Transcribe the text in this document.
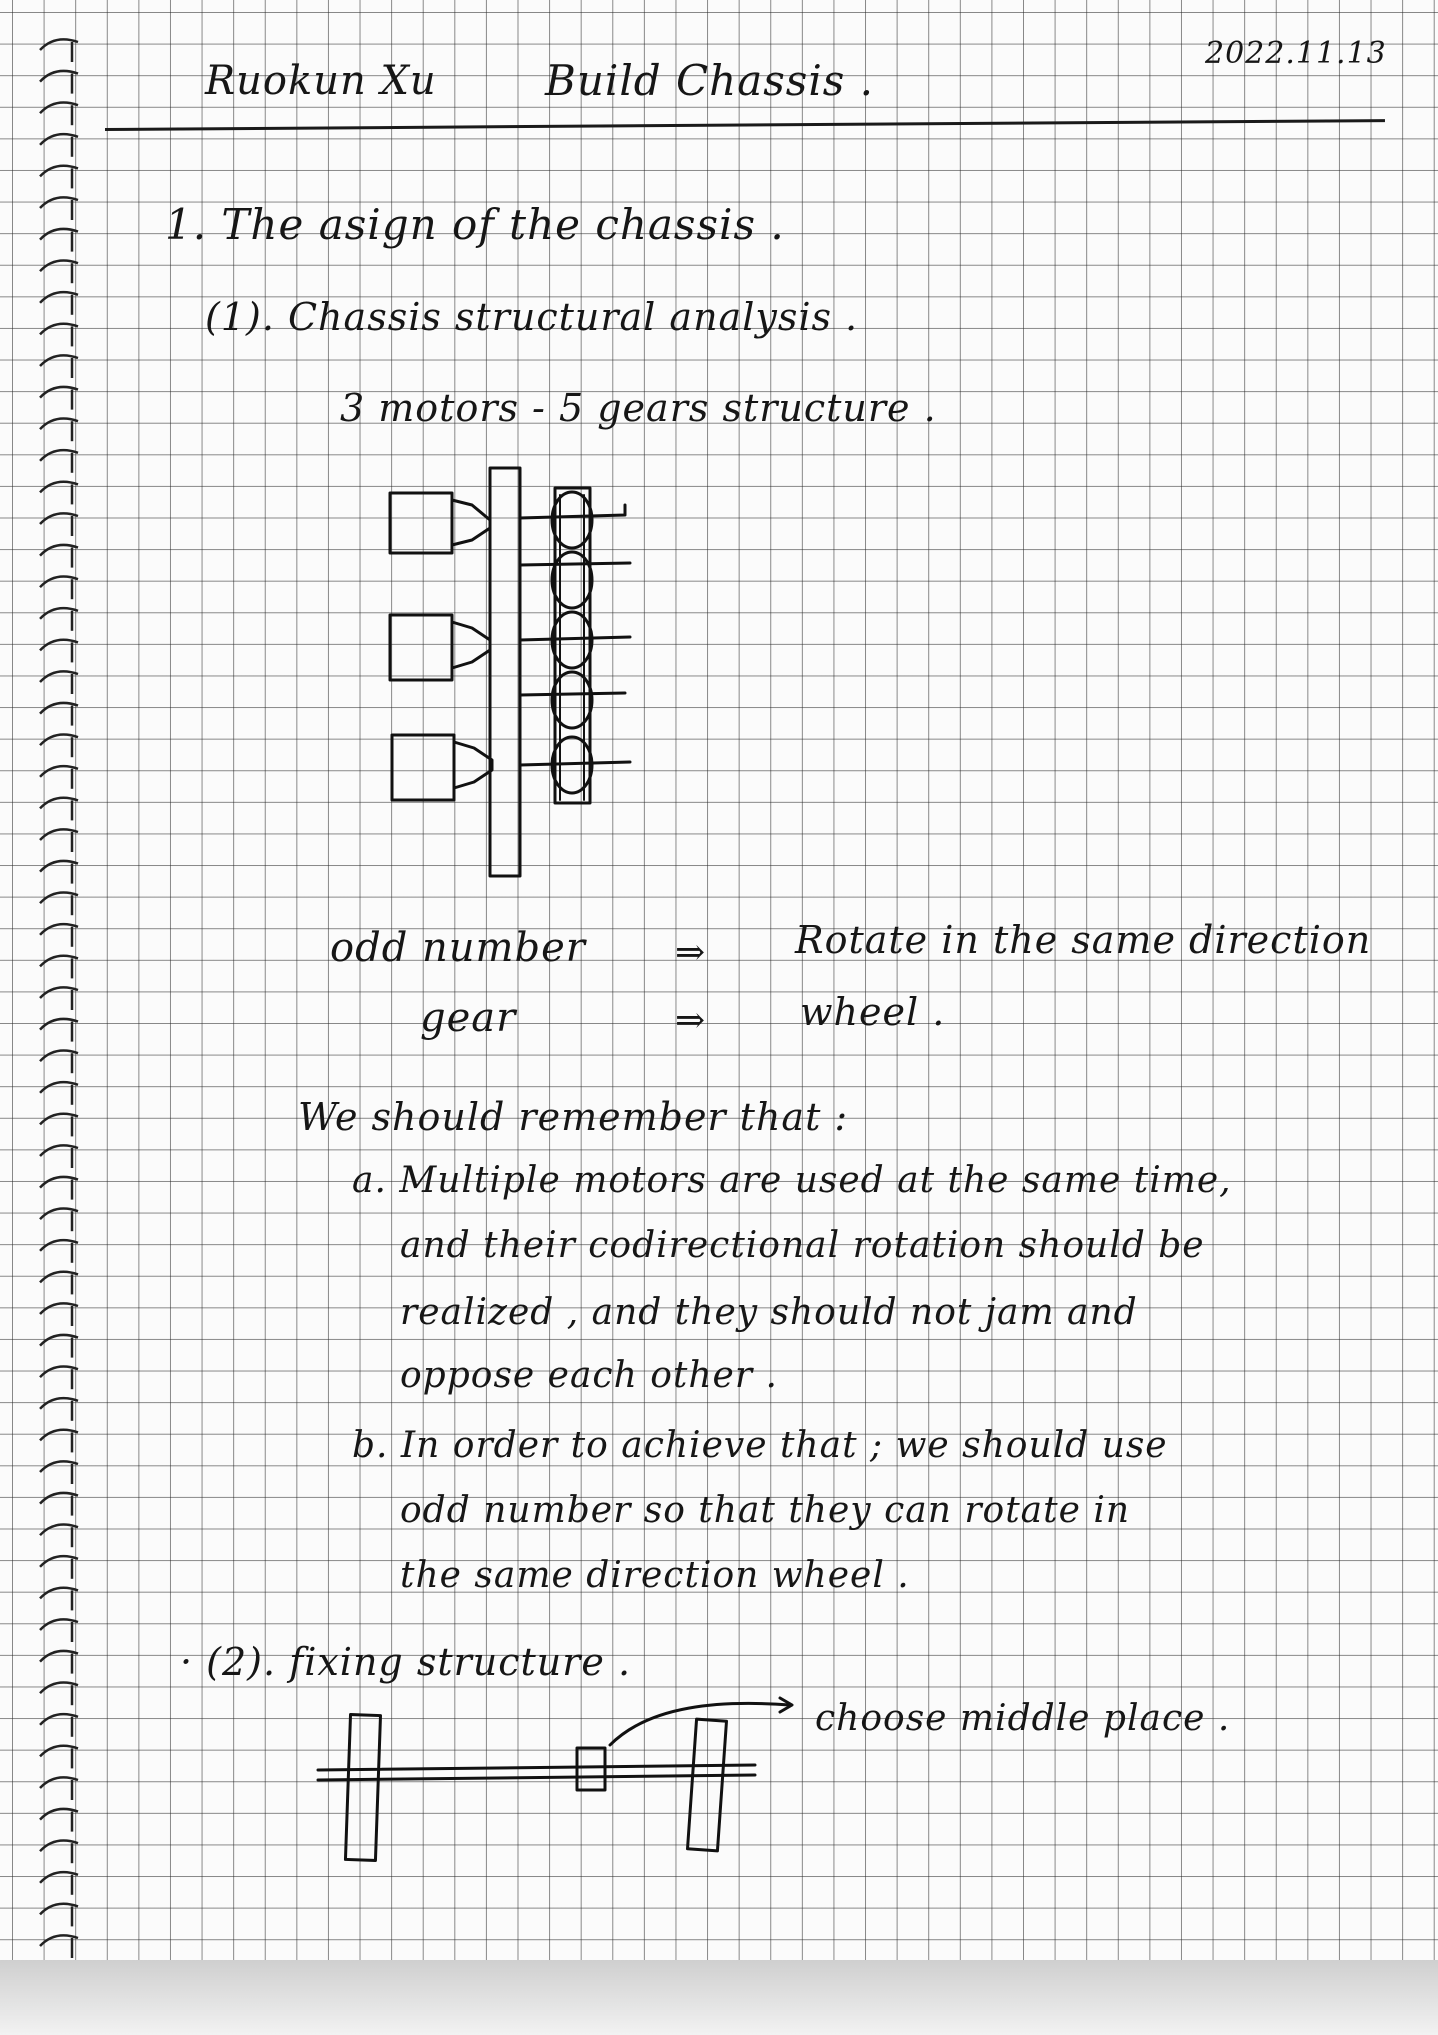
Ruokun Xu	Build Chassis .
2022.11.13
1. The asign of the chassis .
(1). Chassis structural analysis .
3 motors - 5 gears structure .
odd number
gear
⇒
⇒
Rotate in the same direction
wheel .
We should remember that :
a. Multiple motors are used at the same time,
and their codirectional rotation should be
realized , and they should not jam and
oppose each other .
b. In order to achieve that ; we should use
odd number so that they can rotate in
the same direction wheel .
· (2). fixing structure .
choose middle place .
